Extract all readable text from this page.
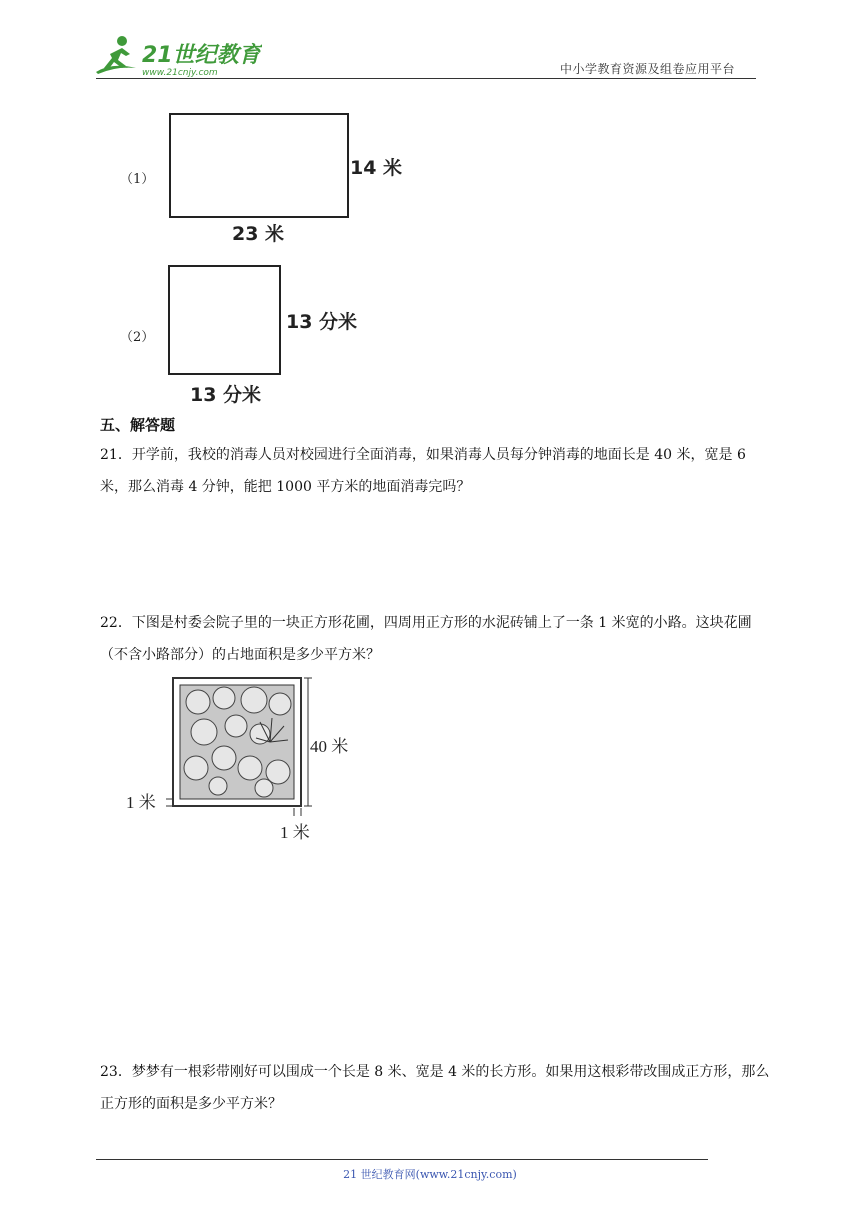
21世纪教育
www.21cnjy.com	中小学教育资源及组卷应用平台
（1）
14 米
23 米
（2）
13 分米
13 分米
五、解答题
21．开学前，我校的消毒人员对校园进行全面消毒，如果消毒人员每分钟消毒的地面长是 40 米，宽是 6 米，那么消毒 4 分钟，能把 1000 平方米的地面消毒完吗？
22．下图是村委会院子里的一块正方形花圃，四周用正方形的水泥砖铺上了一条 1 米宽的小路。这块花圃（不含小路部分）的占地面积是多少平方米？
40 米
1 米
1 米
23．梦梦有一根彩带刚好可以围成一个长是 8 米、宽是 4 米的长方形。如果用这根彩带改围成正方形，那么正方形的面积是多少平方米？
21 世纪教育网(www.21cnjy.com)
